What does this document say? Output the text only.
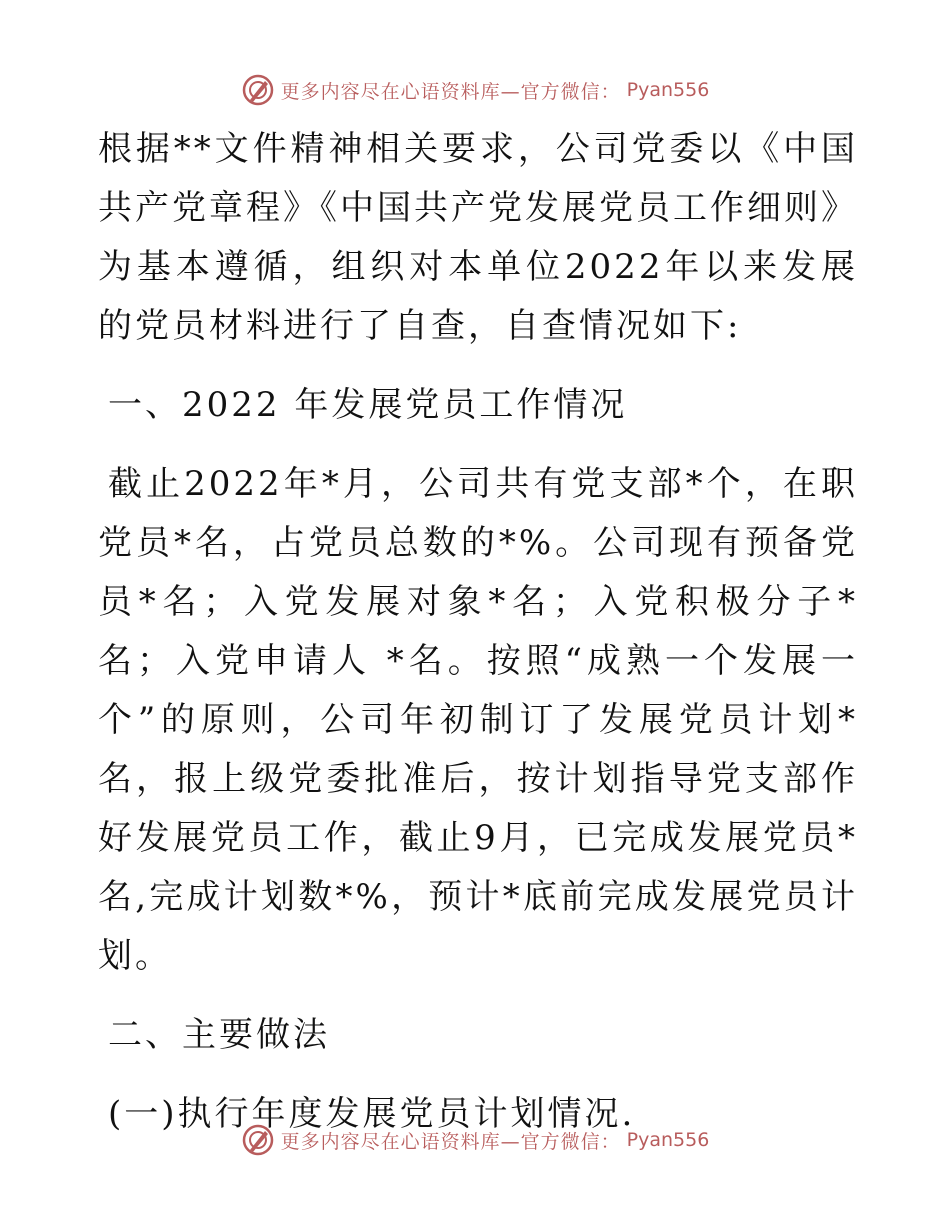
更多内容尽在心语资料库—官方微信： Pyan556

根据**文件精神相关要求，公司党委以《中国共产党章程》《中国共产党发展党员工作细则》为基本遵循，组织对本单位2022年以来发展的党员材料进行了自查，自查情况如下:

一、2022 年发展党员工作情况

截止2022年*月，公司共有党支部*个，在职党员*名，占党员总数的*%。公司现有预备党员*名；入党发展对象*名；入党积极分子*名；入党申请人 *名。按照“成熟一个发展一个”的原则，公司年初制订了发展党员计划*名，报上级党委批准后，按计划指导党支部作好发展党员工作，截止9月，已完成发展党员*名,完成计划数*%，预计*底前完成发展党员计划。

二、主要做法

(一)执行年度发展党员计划情况.

更多内容尽在心语资料库—官方微信： Pyan556
